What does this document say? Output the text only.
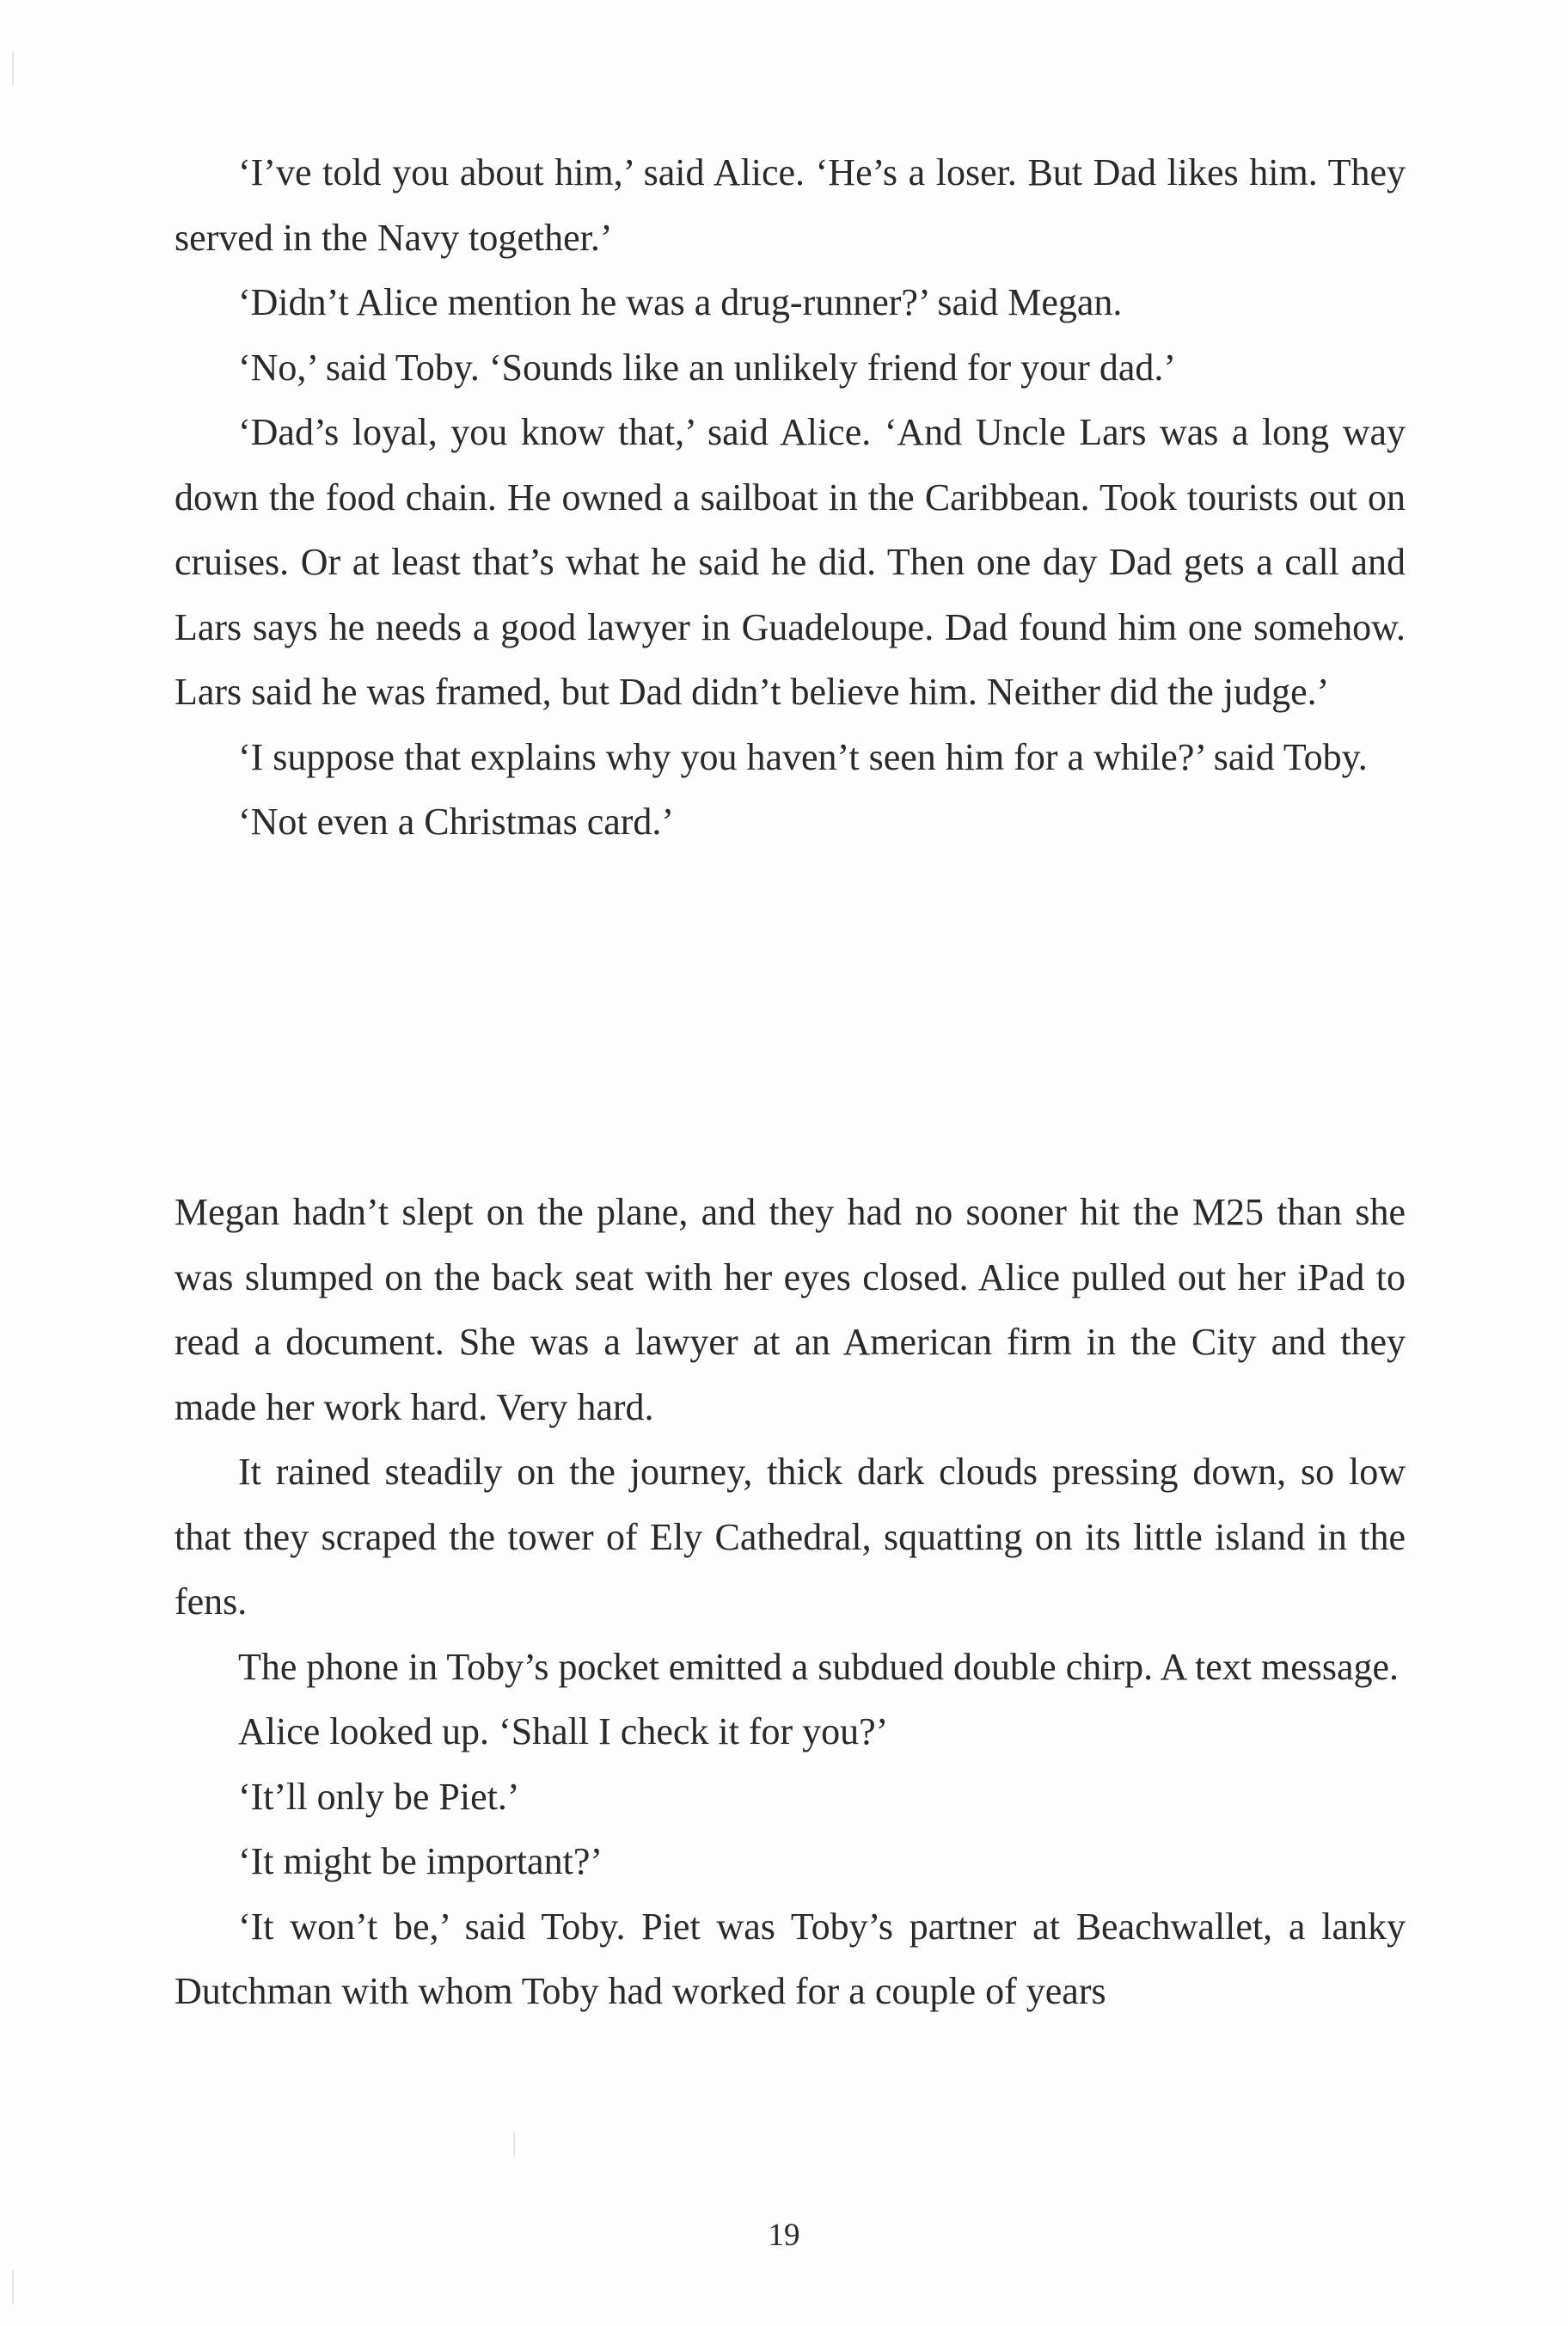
‘I’ve told you about him,’ said Alice. ‘He’s a loser. But Dad likes him. They served in the Navy together.’

‘Didn’t Alice mention he was a drug-runner?’ said Megan.

‘No,’ said Toby. ‘Sounds like an unlikely friend for your dad.’

‘Dad’s loyal, you know that,’ said Alice. ‘And Uncle Lars was a long way down the food chain. He owned a sailboat in the Caribbean. Took tourists out on cruises. Or at least that’s what he said he did. Then one day Dad gets a call and Lars says he needs a good lawyer in Guadeloupe. Dad found him one somehow. Lars said he was framed, but Dad didn’t believe him. Neither did the judge.’

‘I suppose that explains why you haven’t seen him for a while?’ said Toby.

‘Not even a Christmas card.’

Megan hadn’t slept on the plane, and they had no sooner hit the M25 than she was slumped on the back seat with her eyes closed. Alice pulled out her iPad to read a document. She was a lawyer at an American firm in the City and they made her work hard. Very hard.

It rained steadily on the journey, thick dark clouds pressing down, so low that they scraped the tower of Ely Cathedral, squatting on its little island in the fens.

The phone in Toby’s pocket emitted a subdued double chirp. A text message.

Alice looked up. ‘Shall I check it for you?’

‘It’ll only be Piet.’

‘It might be important?’

‘It won’t be,’ said Toby. Piet was Toby’s partner at Beachwallet, a lanky Dutchman with whom Toby had worked for a couple of years

19
